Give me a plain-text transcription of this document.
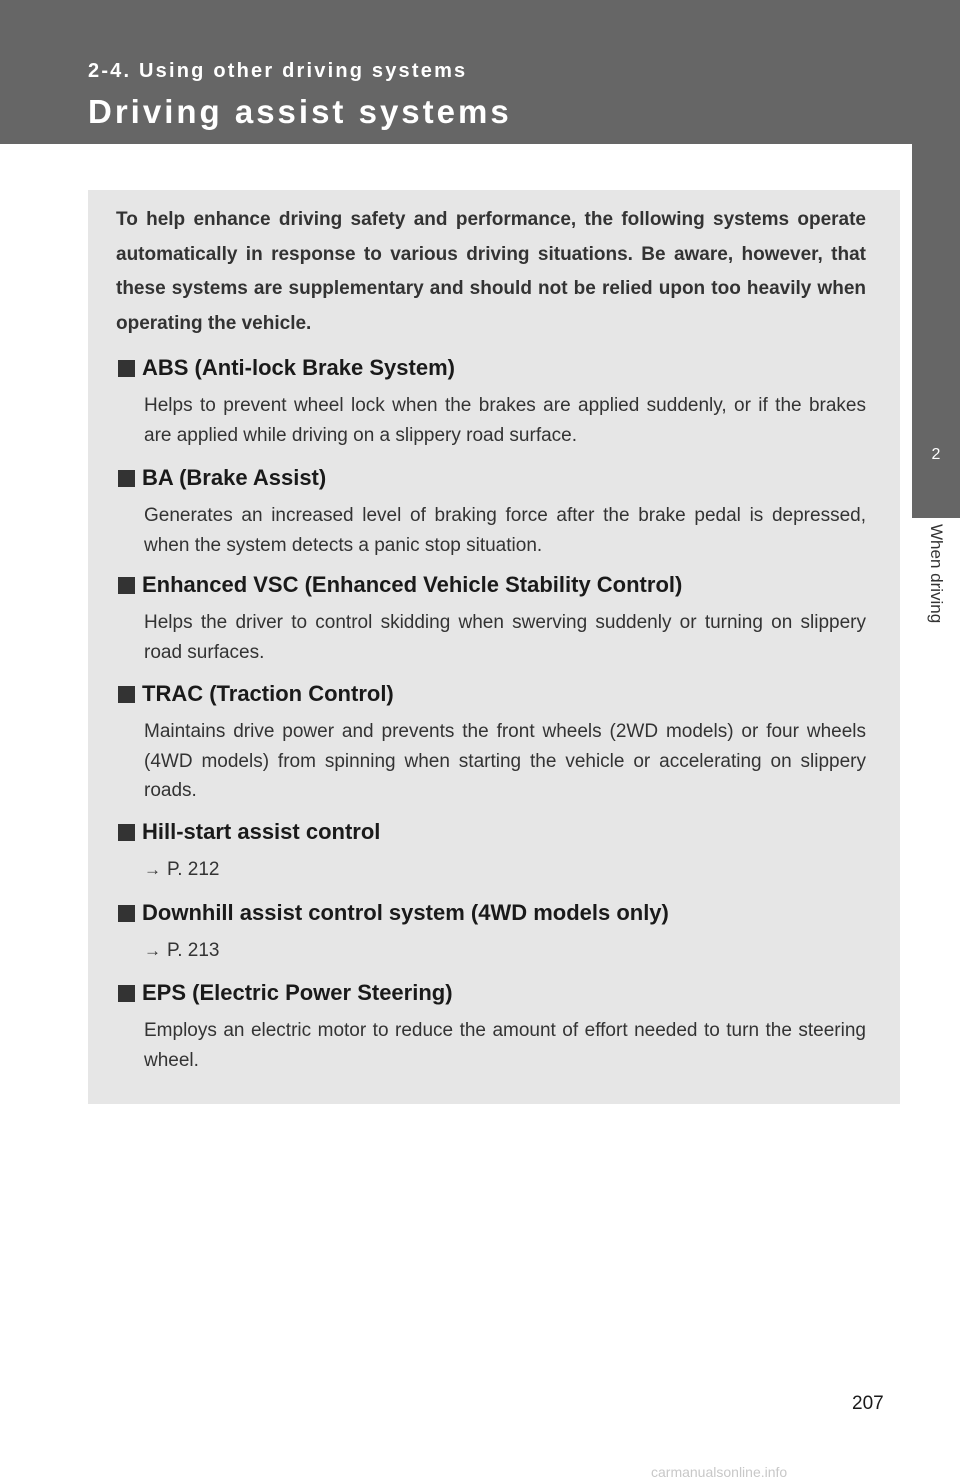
2-4. Using other driving systems
Driving assist systems
2
When driving
To help enhance driving safety and performance, the following systems operate automatically in response to various driving situations. Be aware, however, that these systems are supplementary and should not be relied upon too heavily when operating the vehicle.
ABS (Anti-lock Brake System)
Helps to prevent wheel lock when the brakes are applied suddenly, or if the brakes are applied while driving on a slippery road surface.
BA (Brake Assist)
Generates an increased level of braking force after the brake pedal is depressed, when the system detects a panic stop situation.
Enhanced VSC (Enhanced Vehicle Stability Control)
Helps the driver to control skidding when swerving suddenly or turning on slippery road surfaces.
TRAC (Traction Control)
Maintains drive power and prevents the front wheels (2WD models) or four wheels (4WD models) from spinning when starting the vehicle or accelerating on slippery roads.
Hill-start assist control
→ P. 212
Downhill assist control system (4WD models only)
→ P. 213
EPS (Electric Power Steering)
Employs an electric motor to reduce the amount of effort needed to turn the steering wheel.
207
carmanualsonline.info
